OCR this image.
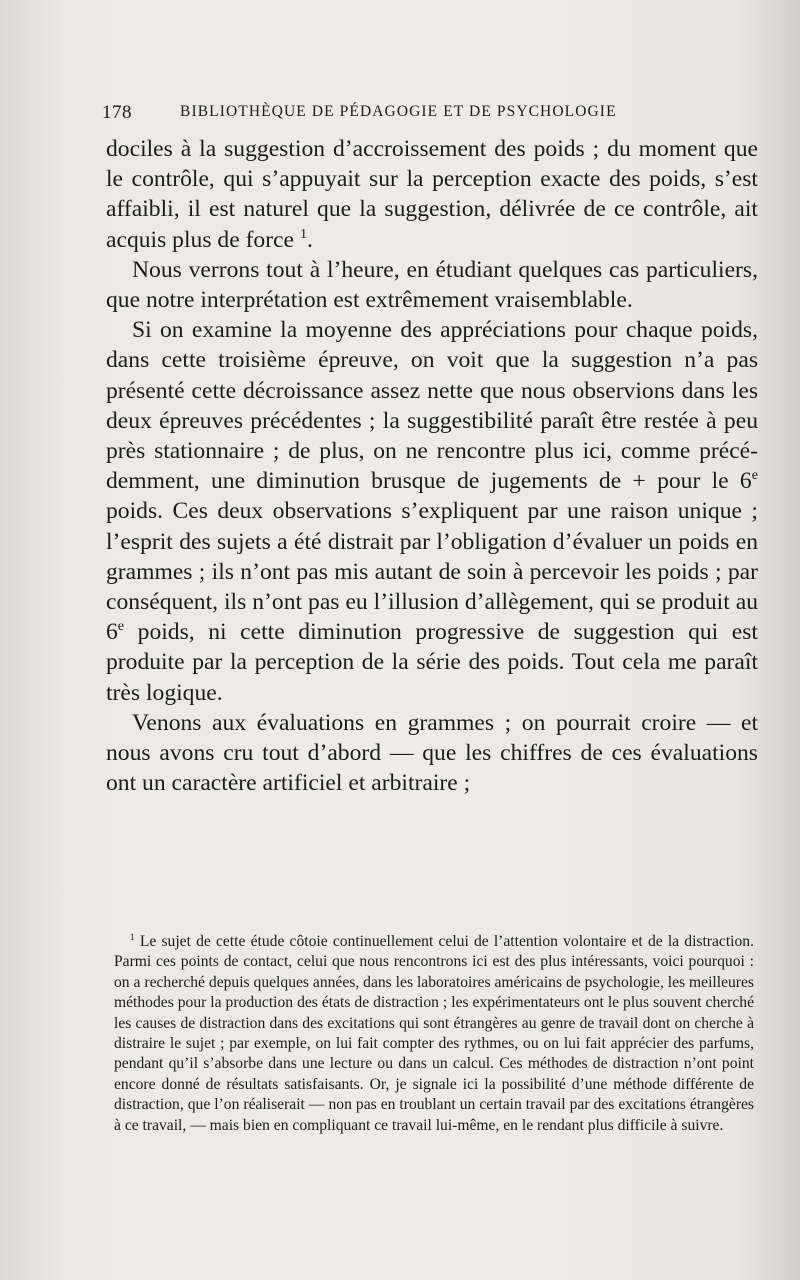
178	BIBLIOTHÈQUE DE PÉDAGOGIE ET DE PSYCHOLOGIE

dociles à la suggestion d’accroissement des poids ; du moment que le contrôle, qui s’appuyait sur la perception exacte des poids, s’est affaibli, il est naturel que la suggestion, délivrée de ce contrôle, ait acquis plus de force $^1$.

Nous verrons tout à l’heure, en étudiant quelques cas particuliers, que notre interprétation est extrêmement vraisemblable.

Si on examine la moyenne des appréciations pour chaque poids, dans cette troisième épreuve, on voit que la suggestion n’a pas présenté cette décroissance assez nette que nous observions dans les deux épreuves précédentes ; la suggestibilité paraît être restée à peu près stationnaire ; de plus, on ne rencontre plus ici, comme précédemment, une diminution brusque de jugements de + pour le 6e poids. Ces deux observations s’expliquent par une raison unique ; l’esprit des sujets a été distrait par l’obligation d’évaluer un poids en grammes ; ils n’ont pas mis autant de soin à percevoir les poids ; par conséquent, ils n’ont pas eu l’illusion d’allègement, qui se produit au 6e poids, ni cette diminution progressive de suggestion qui est produite par la perception de la série des poids. Tout cela me paraît très logique.

Venons aux évaluations en grammes ; on pourrait croire — et nous avons cru tout d’abord — que les chiffres de ces évaluations ont un caractère artificiel et arbitraire ;

$^1$ Le sujet de cette étude côtoie continuellement celui de l’attention volontaire et de la distraction. Parmi ces points de contact, celui que nous rencontrons ici est des plus intéressants, voici pourquoi : on a recherché depuis quelques années, dans les laboratoires américains de psychologie, les meilleures méthodes pour la production des états de distraction ; les expérimentateurs ont le plus souvent cherché les causes de distraction dans des excitations qui sont étrangères au genre de travail dont on cherche à distraire le sujet ; par exemple, on lui fait compter des rythmes, ou on lui fait apprécier des parfums, pendant qu’il s’absorbe dans une lecture ou dans un calcul. Ces méthodes de distraction n’ont point encore donné de résultats satisfaisants. Or, je signale ici la possibilité d’une méthode différente de distraction, que l’on réaliserait — non pas en troublant un certain travail par des excitations étrangères à ce travail, — mais bien en compliquant ce travail lui-même, en le rendant plus difficile à suivre.
